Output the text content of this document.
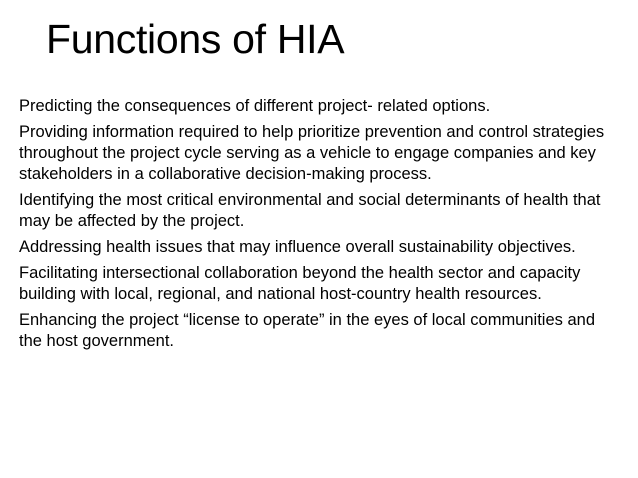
Functions of HIA
Predicting the consequences of different project- related options.
Providing information required to help prioritize prevention and control strategies throughout the project cycle serving as a vehicle to engage companies and key stakeholders in a collaborative decision-making process.
Identifying the most critical environmental and social determinants of health that may be affected by the project.
Addressing health issues that may influence overall sustainability objectives.
Facilitating intersectional collaboration beyond the health sector and capacity building with local, regional, and national host-country health resources.
Enhancing the project “license to operate” in the eyes of local communities and the host government.
